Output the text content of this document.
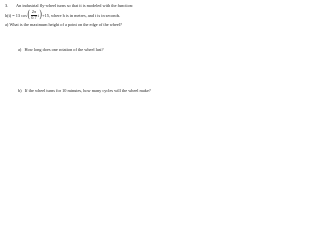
3. An industrial fly-wheel turns so that it is modeled with the function:
h(t) = 13 cos ( $\frac{2\pi}{0.7}$ t ) +15, where h is in metres, and t is in seconds.
a) What is the maximum height of a point on the edge of the wheel?
a) How long does one rotation of the wheel last?
b) If the wheel turns for 10 minutes, how many cycles will the wheel make?
